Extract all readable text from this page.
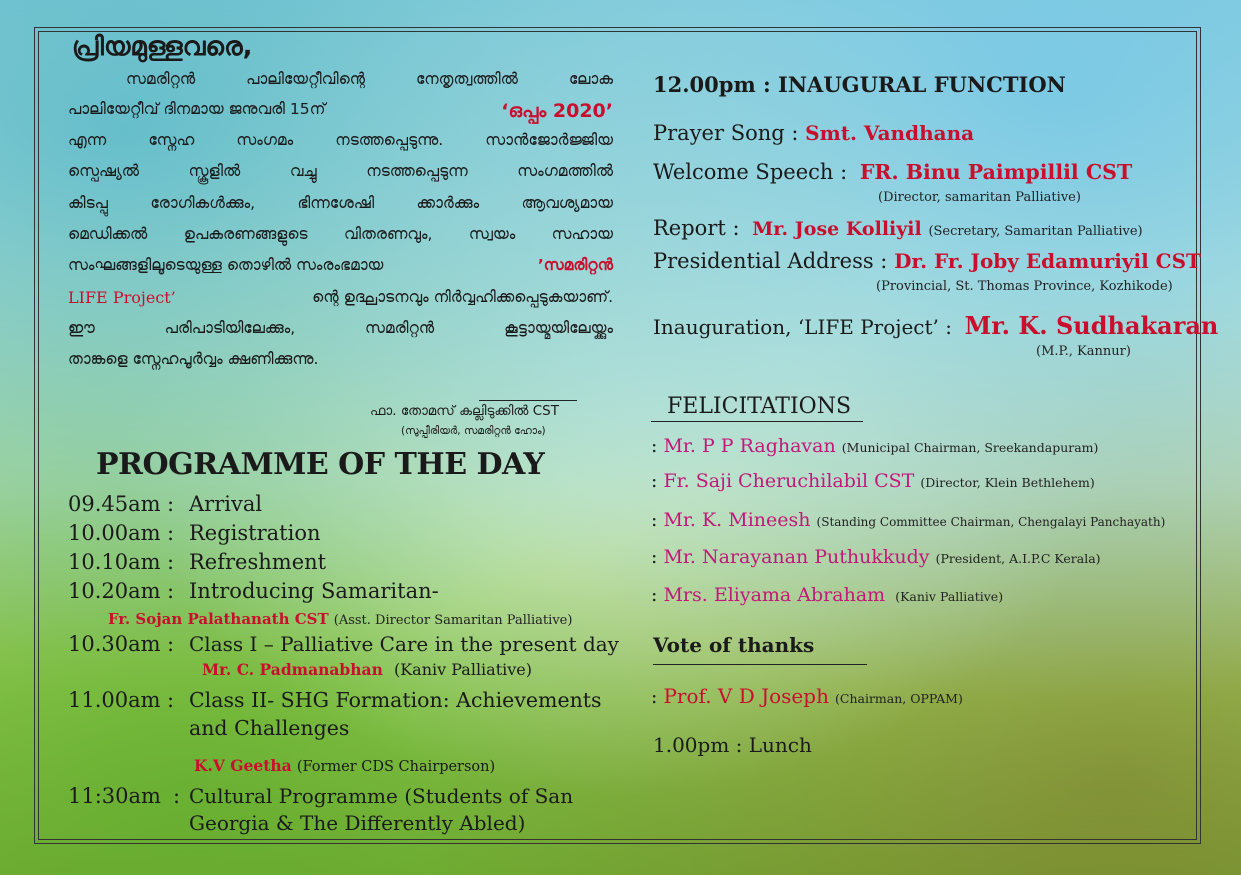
പ്രിയമുള്ളവരെ,
സമരിറ്റൻ പാലിയേറ്റീവിന്റെ നേതൃത്വത്തിൽ ലോക
പാലിയേറ്റീവ് ദിനമായ ജനുവരി 15ന്	‘ഒപ്പം 2020’
എന്ന സ്നേഹ സംഗമം നടത്തപ്പെടുന്നു. സാൻജോർജ്ജിയ
സ്പെഷ്യൽ സ്കൂളിൽ വച്ചു നടത്തപ്പെടുന്ന സംഗമത്തിൽ
കിടപ്പു രോഗികൾക്കും, ഭിന്നശേഷി ക്കാർക്കും ആവശ്യമായ
മെഡിക്കൽ ഉപകരണങ്ങളുടെ വിതരണവും, സ്വയം സഹായ
സംഘങ്ങളിലൂടെയുള്ള തൊഴിൽ സംരംഭമായ	’സമരിറ്റൻ
LIFE Project’	ന്റെ ഉദ്ഘാടനവും നിർവ്വഹിക്കപ്പെടുകയാണ്.
ഈ പരിപാടിയിലേക്കും, സമരിറ്റൻ കൂട്ടായ്മയിലേയ്ക്കും
താങ്കളെ സ്നേഹപൂർവ്വം ക്ഷണിക്കുന്നു.
ഫാ. തോമസ് കല്ലിടുക്കിൽ CST
(സുപ്പീരിയർ, സമരിറ്റൻ ഹോം)
PROGRAMME OF THE DAY
09.45am : Arrival
10.00am : Registration
10.10am : Refreshment
10.20am : Introducing Samaritan-
Fr. Sojan Palathanath CST (Asst. Director Samaritan Palliative)
10.30am : Class I – Palliative Care in the present day
Mr. C. Padmanabhan (Kaniv Palliative)
11.00am : Class II- SHG Formation: Achievements
and Challenges
K.V Geetha (Former CDS Chairperson)
11:30am : Cultural Programme (Students of San
Georgia & The Differently Abled)
12.00pm : INAUGURAL FUNCTION
Prayer Song : Smt. Vandhana
Welcome Speech : FR. Binu Paimpillil CST
(Director, samaritan Palliative)
Report : Mr. Jose Kolliyil (Secretary, Samaritan Palliative)
Presidential Address : Dr. Fr. Joby Edamuriyil CST
(Provincial, St. Thomas Province, Kozhikode)
Inauguration, ‘LIFE Project’ : Mr. K. Sudhakaran
(M.P., Kannur)
FELICITATIONS
: Mr. P P Raghavan (Municipal Chairman, Sreekandapuram)
: Fr. Saji Cheruchilabil CST (Director, Klein Bethlehem)
: Mr. K. Mineesh (Standing Committee Chairman, Chengalayi Panchayath)
: Mr. Narayanan Puthukkudy (President, A.I.P.C Kerala)
: Mrs. Eliyama Abraham (Kaniv Palliative)
Vote of thanks
: Prof. V D Joseph (Chairman, OPPAM)
1.00pm : Lunch
